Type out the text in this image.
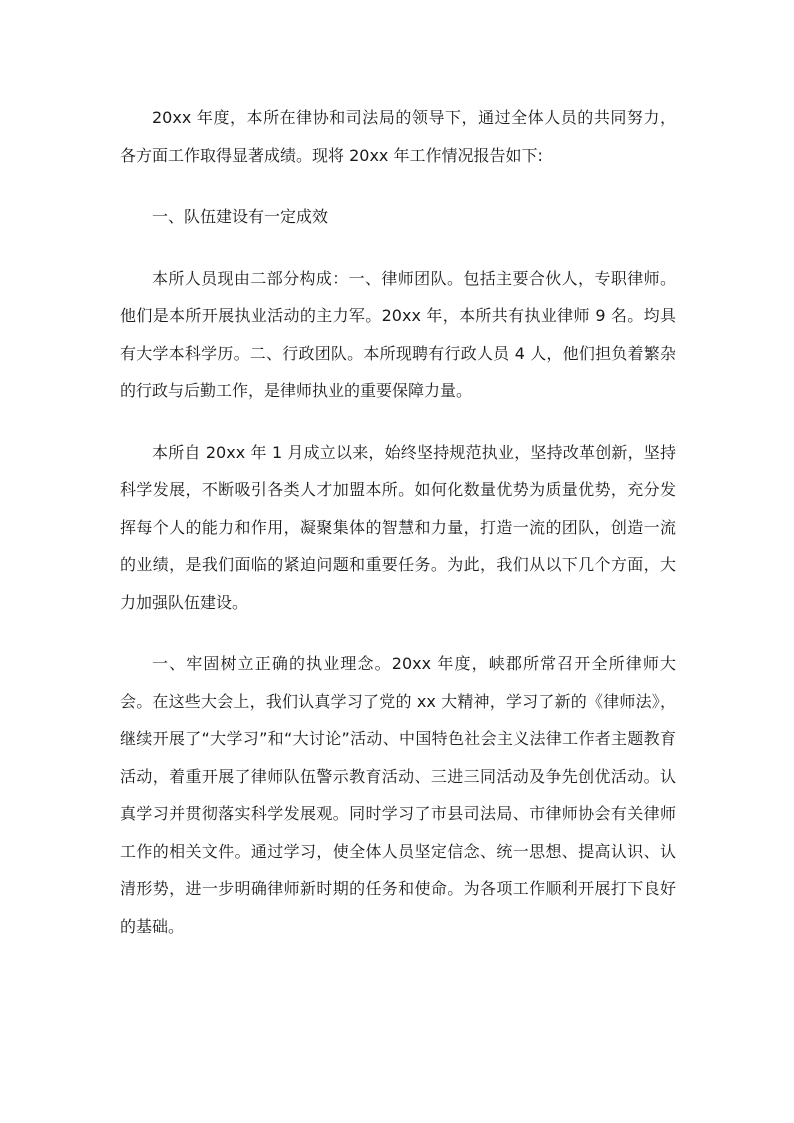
20xx 年度，本所在律协和司法局的领导下，通过全体人员的共同努力，各方面工作取得显著成绩。现将 20xx 年工作情况报告如下:

一、队伍建设有一定成效

本所人员现由二部分构成：一、律师团队。包括主要合伙人，专职律师。他们是本所开展执业活动的主力军。20xx 年，本所共有执业律师 9 名。均具有大学本科学历。二、行政团队。本所现聘有行政人员 4 人，他们担负着繁杂的行政与后勤工作，是律师执业的重要保障力量。

本所自 20xx 年 1 月成立以来，始终坚持规范执业，坚持改革创新，坚持科学发展，不断吸引各类人才加盟本所。如何化数量优势为质量优势，充分发挥每个人的能力和作用，凝聚集体的智慧和力量，打造一流的团队，创造一流的业绩，是我们面临的紧迫问题和重要任务。为此，我们从以下几个方面，大力加强队伍建设。

一、牢固树立正确的执业理念。20xx 年度，峡郡所常召开全所律师大会。在这些大会上，我们认真学习了党的 xx 大精神，学习了新的《律师法》，继续开展了“大学习”和“大讨论”活动、中国特色社会主义法律工作者主题教育活动，着重开展了律师队伍警示教育活动、三进三同活动及争先创优活动。认真学习并贯彻落实科学发展观。同时学习了市县司法局、市律师协会有关律师工作的相关文件。通过学习，使全体人员坚定信念、统一思想、提高认识、认清形势，进一步明确律师新时期的任务和使命。为各项工作顺利开展打下良好的基础。
